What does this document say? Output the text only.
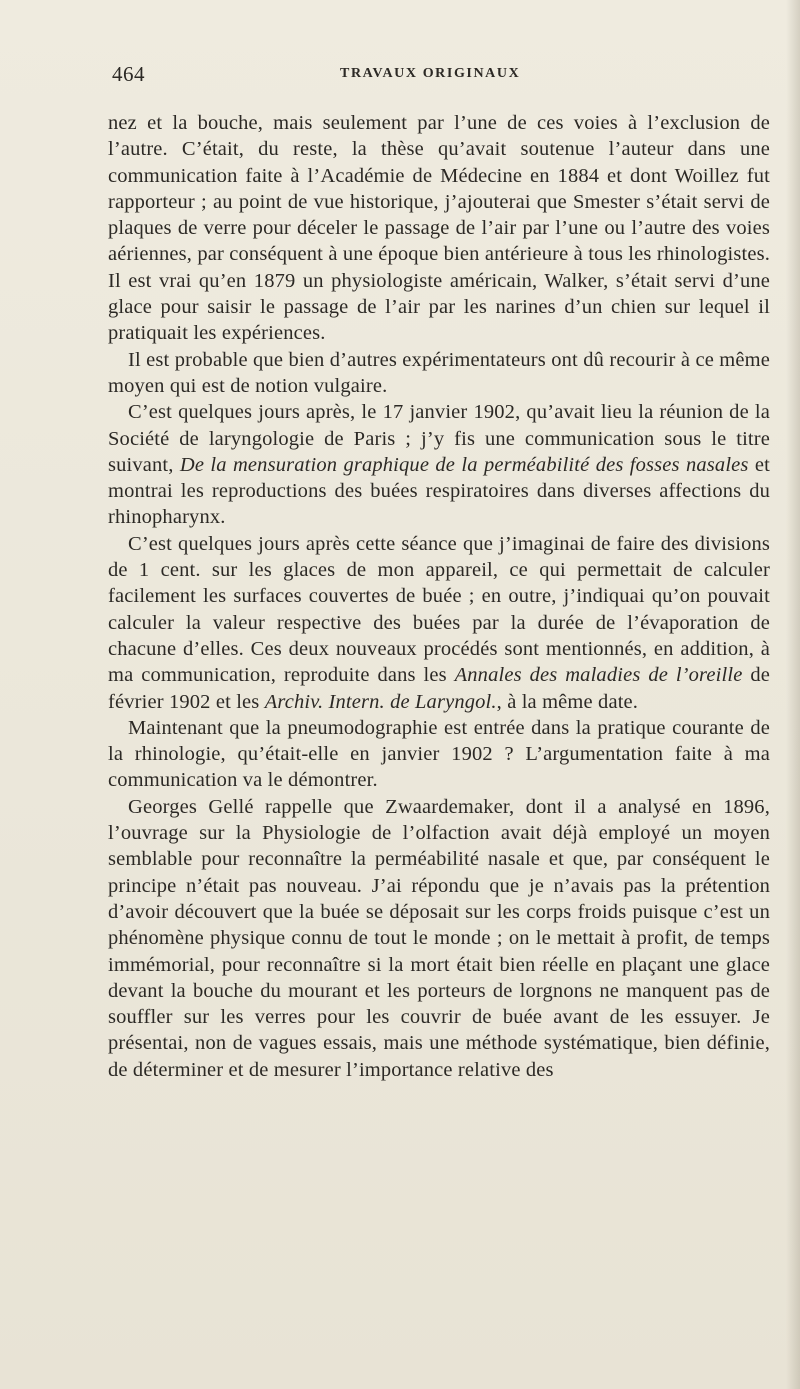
464	TRAVAUX ORIGINAUX

nez et la bouche, mais seulement par l’une de ces voies à l’exclusion de l’autre. C’était, du reste, la thèse qu’avait soutenue l’auteur dans une communication faite à l’Académie de Médecine en 1884 et dont Woillez fut rapporteur ; au point de vue historique, j’ajouterai que Smester s’était servi de plaques de verre pour déceler le passage de l’air par l’une ou l’autre des voies aériennes, par conséquent à une époque bien antérieure à tous les rhinologistes. Il est vrai qu’en 1879 un physiologiste américain, Walker, s’était servi d’une glace pour saisir le passage de l’air par les narines d’un chien sur lequel il pratiquait les expériences.

Il est probable que bien d’autres expérimentateurs ont dû recourir à ce même moyen qui est de notion vulgaire.

C’est quelques jours après, le 17 janvier 1902, qu’avait lieu la réunion de la Société de laryngologie de Paris ; j’y fis une communication sous le titre suivant, De la mensuration graphique de la perméabilité des fosses nasales et montrai les reproductions des buées respiratoires dans diverses affections du rhinopharynx.

C’est quelques jours après cette séance que j’imaginai de faire des divisions de 1 cent. sur les glaces de mon appareil, ce qui permettait de calculer facilement les surfaces couvertes de buée ; en outre, j’indiquai qu’on pouvait calculer la valeur respective des buées par la durée de l’évaporation de chacune d’elles. Ces deux nouveaux procédés sont mentionnés, en addition, à ma communication, reproduite dans les Annales des maladies de l’oreille de février 1902 et les Archiv. Intern. de Laryngol., à la même date.

Maintenant que la pneumodographie est entrée dans la pratique courante de la rhinologie, qu’était-elle en janvier 1902 ? L’argumentation faite à ma communication va le démontrer.

Georges Gellé rappelle que Zwaardemaker, dont il a analysé en 1896, l’ouvrage sur la Physiologie de l’olfaction avait déjà employé un moyen semblable pour reconnaître la perméabilité nasale et que, par conséquent le principe n’était pas nouveau. J’ai répondu que je n’avais pas la prétention d’avoir découvert que la buée se déposait sur les corps froids puisque c’est un phénomène physique connu de tout le monde ; on le mettait à profit, de temps immémorial, pour reconnaître si la mort était bien réelle en plaçant une glace devant la bouche du mourant et les porteurs de lorgnons ne manquent pas de souffler sur les verres pour les couvrir de buée avant de les essuyer. Je présentai, non de vagues essais, mais une méthode systématique, bien définie, de déterminer et de mesurer l’importance relative des
